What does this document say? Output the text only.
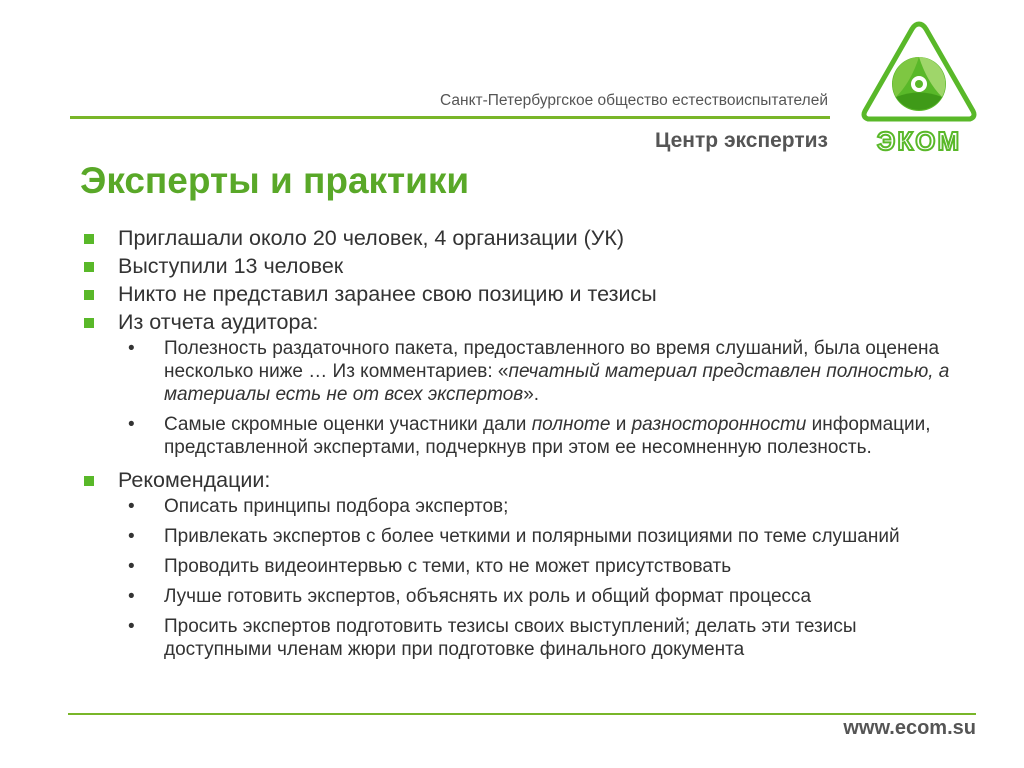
Санкт-Петербургское общество естествоиспытателей
Центр экспертиз ЭКОМ
Эксперты и практики
Приглашали около 20 человек, 4 организации (УК)
Выступили 13 человек
Никто не представил заранее свою позицию и тезисы
Из отчета аудитора:
• Полезность раздаточного пакета, предоставленного во время слушаний, была оценена несколько ниже … Из комментариев: «печатный материал представлен полностью, а материалы есть не от всех экспертов».
• Самые скромные оценки участники дали полноте и разносторонности информации, представленной экспертами, подчеркнув при этом ее несомненную полезность.
Рекомендации:
• Описать принципы подбора экспертов;
• Привлекать экспертов с более четкими и полярными позициями по теме слушаний
• Проводить видеоинтервью с теми, кто не может присутствовать
• Лучше готовить экспертов, объяснять их роль и общий формат процесса
• Просить экспертов подготовить тезисы своих выступлений; делать эти тезисы доступными членам жюри при подготовке финального документа
www.ecom.su
